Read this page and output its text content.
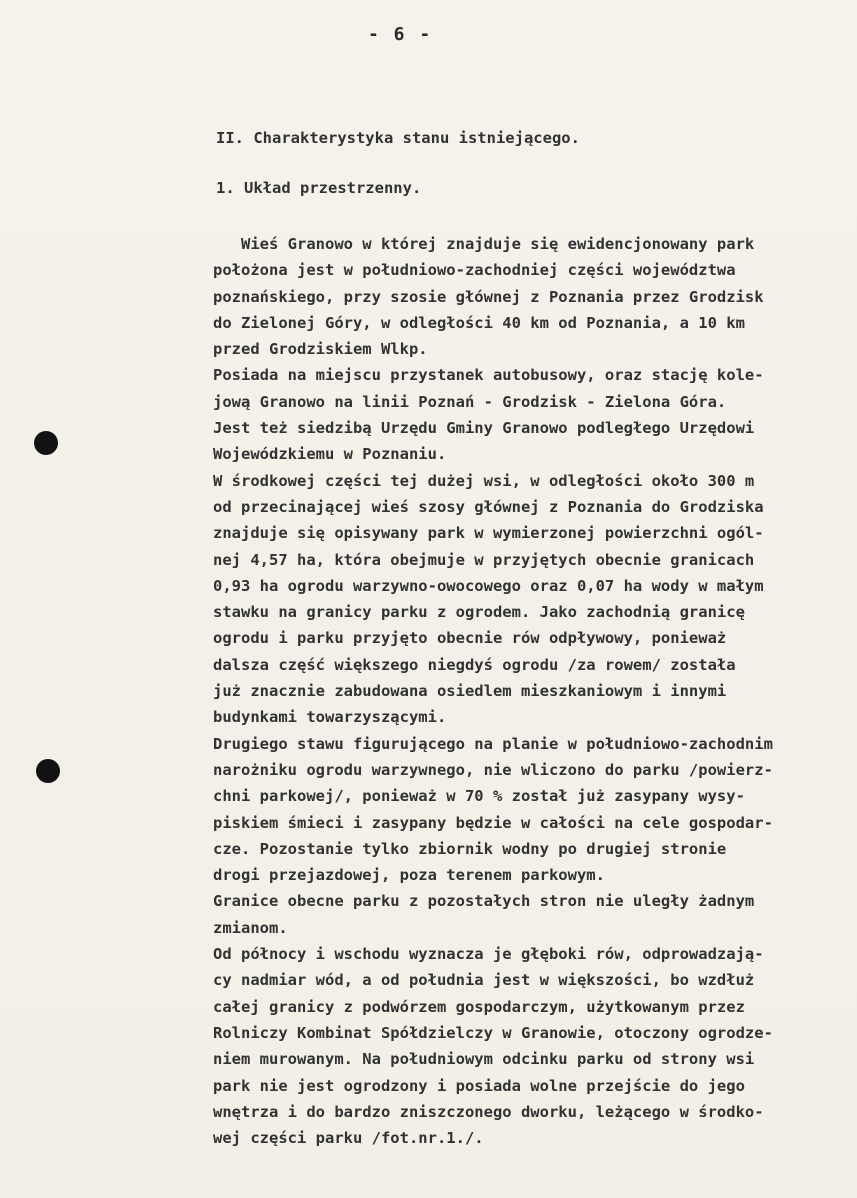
- 6 -
II. Charakterystyka stanu istniejącego.
1. Układ przestrzenny.
Wieś Granowo w której znajduje się ewidencjonowany park
położona jest w południowo-zachodniej części województwa
poznańskiego, przy szosie głównej z Poznania przez Grodzisk
do Zielonej Góry, w odległości 40 km od Poznania, a 10 km
przed Grodziskiem Wlkp.
Posiada na miejscu przystanek autobusowy, oraz stację kole-
jową Granowo na linii Poznań - Grodzisk - Zielona Góra.
Jest też siedzibą Urzędu Gminy Granowo podległego Urzędowi
Wojewódzkiemu w Poznaniu.
W środkowej części tej dużej wsi, w odległości około 300 m
od przecinającej wieś szosy głównej z Poznania do Grodziska
znajduje się opisywany park w wymierzonej powierzchni ogól-
nej 4,57 ha, która obejmuje w przyjętych obecnie granicach
0,93 ha ogrodu warzywno-owocowego oraz 0,07 ha wody w małym
stawku na granicy parku z ogrodem. Jako zachodnią granicę
ogrodu i parku przyjęto obecnie rów odpływowy, ponieważ
dalsza część większego niegdyś ogrodu /za rowem/ została
już znacznie zabudowana osiedlem mieszkaniowym i innymi
budynkami towarzyszącymi.
Drugiego stawu figurującego na planie w południowo-zachodnim
narożniku ogrodu warzywnego, nie wliczono do parku /powierz-
chni parkowej/, ponieważ w 70 % został już zasypany wysy-
piskiem śmieci i zasypany będzie w całości na cele gospodar-
cze. Pozostanie tylko zbiornik wodny po drugiej stronie
drogi przejazdowej, poza terenem parkowym.
Granice obecne parku z pozostałych stron nie uległy żadnym
zmianom.
Od północy i wschodu wyznacza je głęboki rów, odprowadzają-
cy nadmiar wód, a od południa jest w większości, bo wzdłuż
całej granicy z podwórzem gospodarczym, użytkowanym przez
Rolniczy Kombinat Spółdzielczy w Granowie, otoczony ogrodze-
niem murowanym. Na południowym odcinku parku od strony wsi
park nie jest ogrodzony i posiada wolne przejście do jego
wnętrza i do bardzo zniszczonego dworku, leżącego w środko-
wej części parku /fot.nr.1./.
